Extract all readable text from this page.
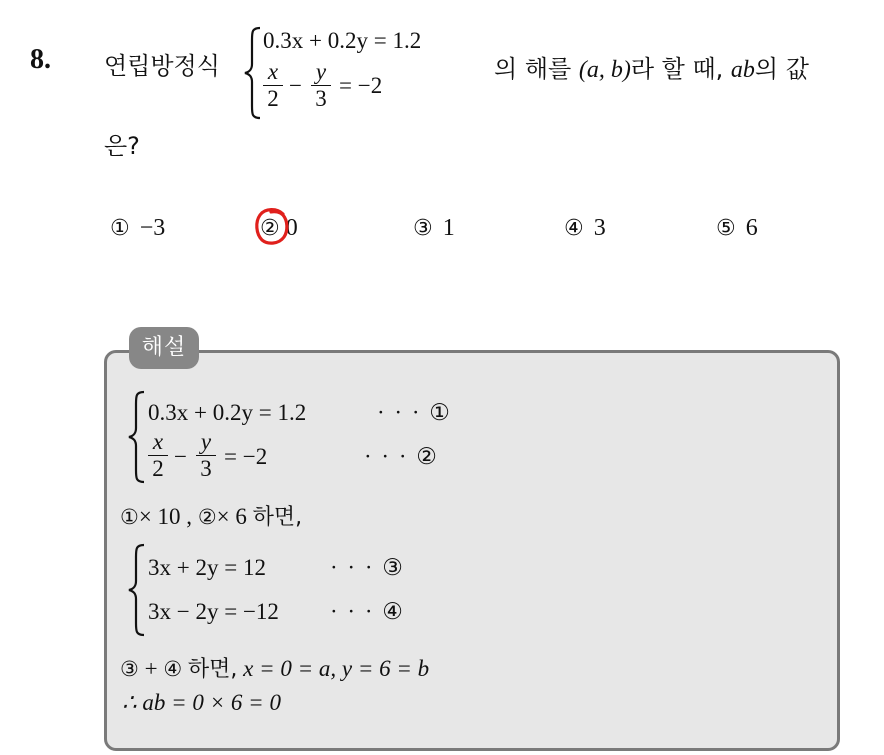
8. 연립방정식
0.3x + 0.2y = 1.2
x
2
−
y
3
= −2
의 해를 (a, b)라 할 때, ab의 값
은?
① −3	② 0	③ 1	④ 3	⑤ 6
해설
0.3x + 0.2y = 1.2	· · · ①
x
2 −
y
3 = −2	· · · ②
①× 10 , ②× 6 하면,
3x + 2y = 12	· · · ③
3x − 2y = −12 · · · ④
③ + ④ 하면, x = 0 = a, y = 6 = b
∴ ab = 0 × 6 = 0
